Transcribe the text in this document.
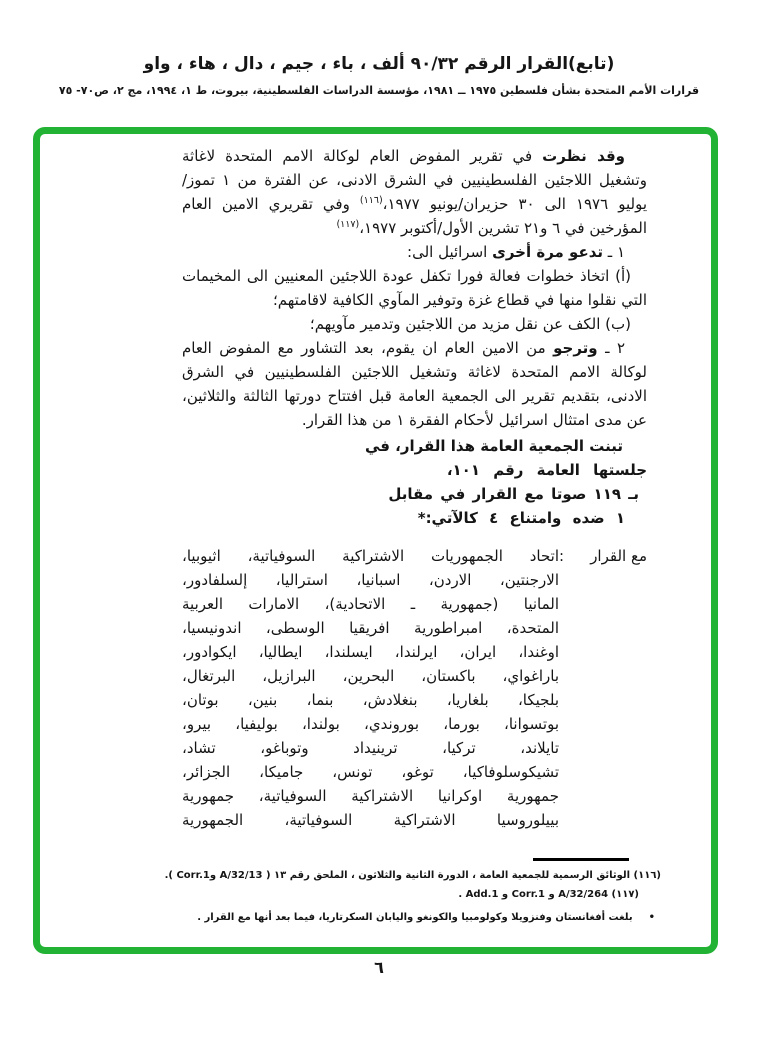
(تابع)القرار الرقم ٩٠/٣٢ ألف ، باء ، جيم ، دال ، هاء ، واو
قرارات الأمم المتحدة بشأن فلسطين ١٩٧٥ ــ ١٩٨١، مؤسسة الدراسات الفلسطينية، بيروت، ط ١، ١٩٩٤، مج ٢، ص٧٠- ٧٥

وقد نظرت في تقرير المفوض العام لوكالة الامم المتحدة لاغاثة وتشغيل اللاجئين الفلسطينيين في الشرق الادنى، عن الفترة من ١ تموز/يوليو ١٩٧٦ الى ٣٠ حزيران/يونيو ١٩٧٧،$^{(١١٦)}$ وفي تقريري الامين العام المؤرخين في ٦ و٢١ تشرين الأول/أكتوبر ١٩٧٧،$^{(١١٧)}$

١ ـ تدعو مرة أخرى اسرائيل الى:

(أ) اتخاذ خطوات فعالة فورا تكفل عودة اللاجئين المعنيين الى المخيمات التي نقلوا منها في قطاع غزة وتوفير المآوي الكافية لاقامتهم؛

(ب) الكف عن نقل مزيد من اللاجئين وتدمير مآويهم؛

٢ ـ وترجو من الامين العام ان يقوم، بعد التشاور مع المفوض العام لوكالة الامم المتحدة لاغاثة وتشغيل اللاجئين الفلسطينيين في الشرق الادنى، بتقديم تقرير الى الجمعية العامة قبل افتتاح دورتها الثالثة والثلاثين، عن مدى امتثال اسرائيل لأحكام الفقرة ١ من هذا القرار.

تبنت الجمعية العامة هذا القرار، في
جلستها العامة رقم ١٠١،
بـ ١١٩ صوتا مع القرار في مقابل
١ ضده وامتناع ٤ كالآتي:*
مع القرار
:
اتحاد الجمهوريات الاشتراكية السوفياتية، اثيوبيا،
الارجنتين، الاردن، اسبانيا، استراليا، إلسلفادور،
المانيا (جمهورية ـ الاتحادية)، الامارات العربية
المتحدة، امبراطورية افريقيا الوسطى، اندونيسيا،
اوغندا، ايران، ايرلندا، ايسلندا، ايطاليا، ايكوادور،
باراغواي، باكستان، البحرين، البرازيل، البرتغال،
بلجيكا، بلغاريا، بنغلادش، بنما، بنين، بوتان،
بوتسوانا، بورما، بوروندي، بولندا، بوليفيا، بيرو،
تايلاند، تركيا، ترينيداد وتوباغو، تشاد،
تشيكوسلوفاكيا، توغو، تونس، جاميكا، الجزائر،
جمهورية اوكرانيا الاشتراكية السوفياتية، جمهورية
بييلوروسيا الاشتراكية السوفياتية، الجمهورية
(١١٦) الوثائق الرسمية للجمعية العامة ، الدورة الثانية والثلاثون ، الملحق رقم ١٣ ( A/32/13 وCorr.1 ).
(١١٧) A/32/264 و Corr.1 و Add.1 .
•
بلغت أفغانستان وفنزويلا وكولومبيا والكونغو واليابان السكرتاريا، فيما بعد أنها مع القرار .
٦
